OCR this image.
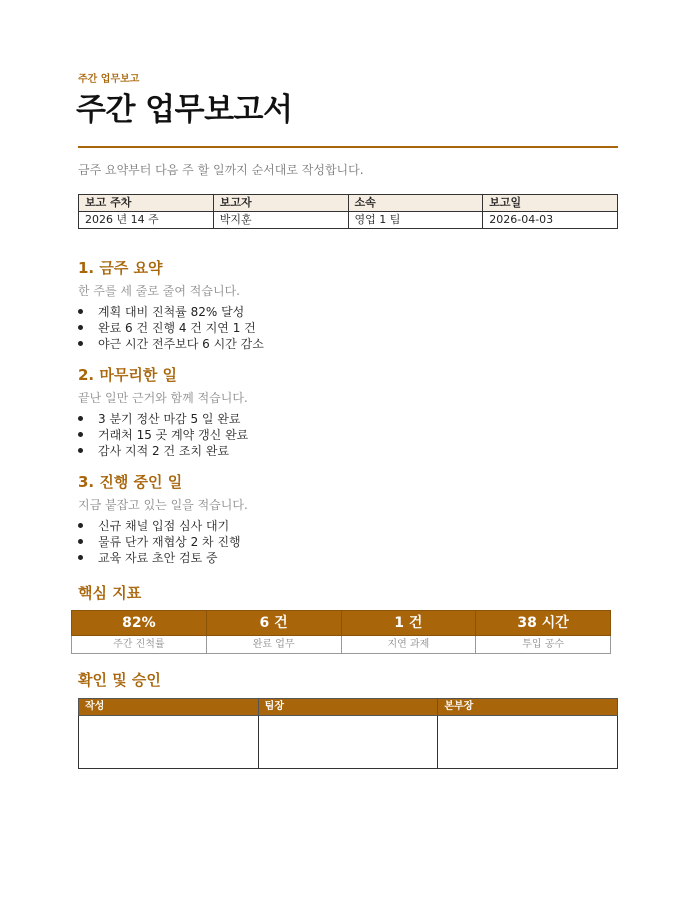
주간 업무보고
주간 업무보고서
금주 요약부터 다음 주 할 일까지 순서대로 작성합니다.
보고 주차	보고자	소속	보고일
2026 년 14 주	박지훈	영업 1 팀	2026-04-03
1. 금주 요약
한 주를 세 줄로 줄여 적습니다.
계획 대비 진척률 82% 달성
완료 6 건 진행 4 건 지연 1 건
야근 시간 전주보다 6 시간 감소
2. 마무리한 일
끝난 일만 근거와 함께 적습니다.
3 분기 정산 마감 5 일 완료
거래처 15 곳 계약 갱신 완료
감사 지적 2 건 조치 완료
3. 진행 중인 일
지금 붙잡고 있는 일을 적습니다.
신규 채널 입점 심사 대기
물류 단가 재협상 2 차 진행
교육 자료 초안 검토 중
핵심 지표
82%	6 건	1 건	38 시간
주간 진척률	완료 업무	지연 과제	투입 공수
확인 및 승인
작성	팀장	본부장
